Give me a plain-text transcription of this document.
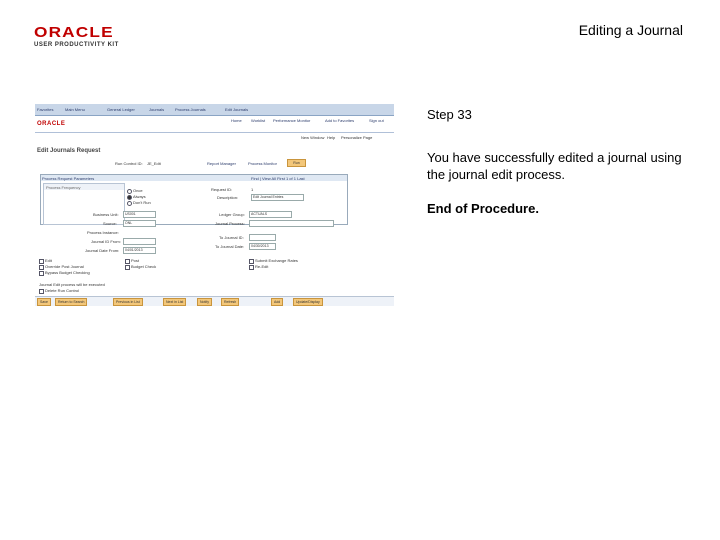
ORACLE
USER PRODUCTIVITY KIT
Editing a Journal
Favorites	Main Menu	General Ledger	Journals	Process Journals	Edit Journals
ORACLE
Home Worklist Performance Monitor	Add to Favorites	Sign out
New Window Help Personalize Page
Edit Journals Request
Run Control ID: JE_Edit	Report Manager	Process Monitor	Run
Process Request Parameters	Find | View All First 1 of 1 Last
Process Frequency
Once
Always
Don't Run
Request ID:	1
Description:	Edit Journal Entries
Business Unit:	US001
Source:	ONL
Process Instance:
Journal ID From:
Journal Date From:	04/01/2013
Ledger Group:	ACTUALS
Journal Process:
To Journal ID:
To Journal Date:	04/30/2013
Edit
Override Post Journal
Bypass Budget Checking
Post
Budget Check
Submit Exchange Rates
Re-Edit
Journal Edit process will be executed
Delete Run Control
Save	Return to Search	Previous in List	Next in List	Notify	Refresh	Add	Update/Display
Step 33
You have successfully edited a journal using the journal edit process.
End of Procedure.
